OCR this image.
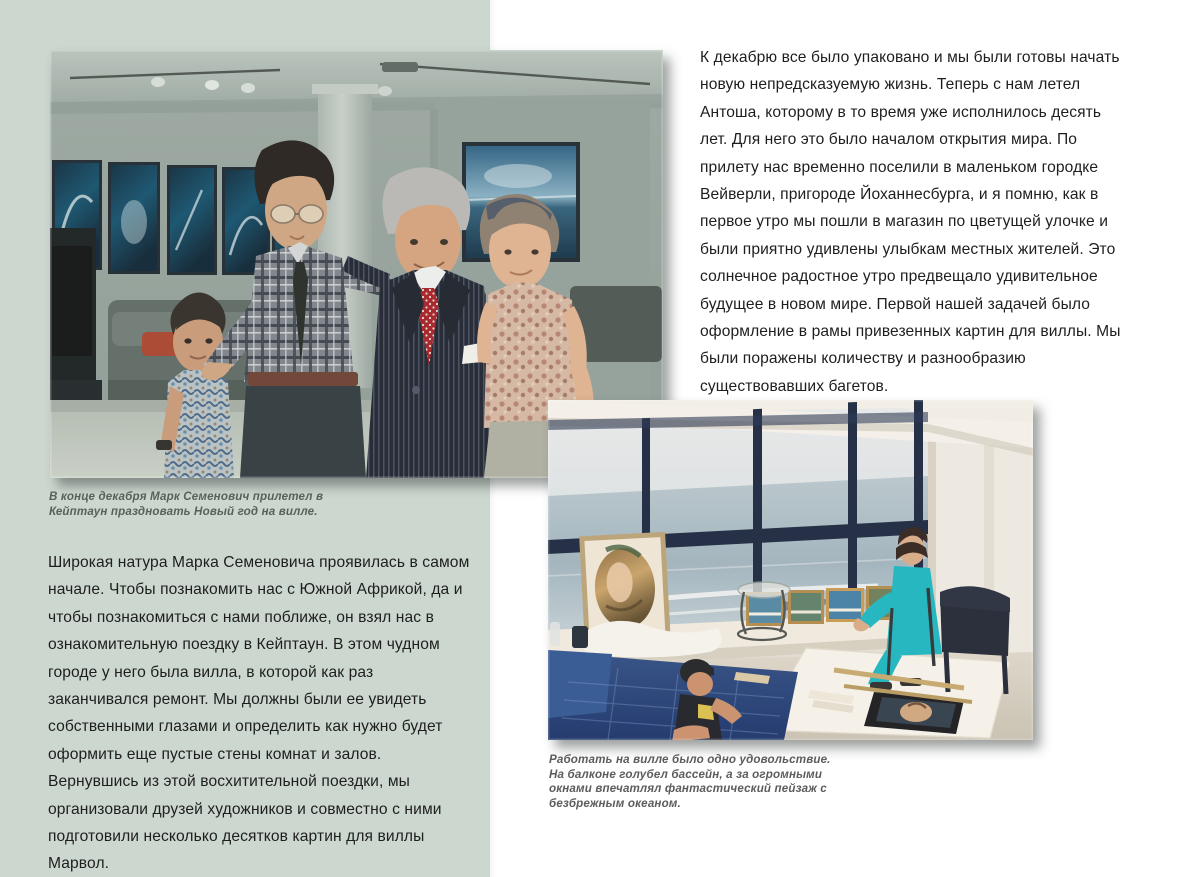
К декабрю все было упаковано и мы были готовы начать новую непредсказуемую жизнь. Теперь с нам летел Антоша, которому в то время уже исполнилось десять лет. Для него это было началом открытия мира. По прилету нас временно поселили в маленьком городке Вейверли, пригороде Йоханнесбурга, и я помню, как в первое утро мы пошли в магазин по цветущей улочке и были приятно удивлены улыбкам местных жителей. Это солнечное радостное утро предвещало удивительное будущее в новом мире. Первой нашей задачей было оформление в рамы привезенных картин для виллы. Мы были поражены количеству и разнообразию существовавших багетов.
В конце декабря Марк Семенович прилетел в Кейптаун праздновать Новый год на вилле.
Широкая натура Марка Семеновича проявилась в самом начале. Чтобы познакомить нас с Южной Африкой, да и чтобы познакомиться с нами поближе, он взял нас в ознакомительную поездку в Кейптаун. В этом чудном городе у него была вилла, в которой как раз заканчивался ремонт. Мы должны были ее увидеть собственными глазами и определить как нужно будет оформить еще пустые стены комнат и залов. Вернувшись из этой восхитительной поездки, мы организовали друзей художников и совместно с ними подготовили несколько десятков картин для виллы Марвол.
Работать на вилле было одно удовольствие. На балконе голубел бассейн, а за огромными окнами впечатлял фантастический пейзаж с безбрежным океаном.
